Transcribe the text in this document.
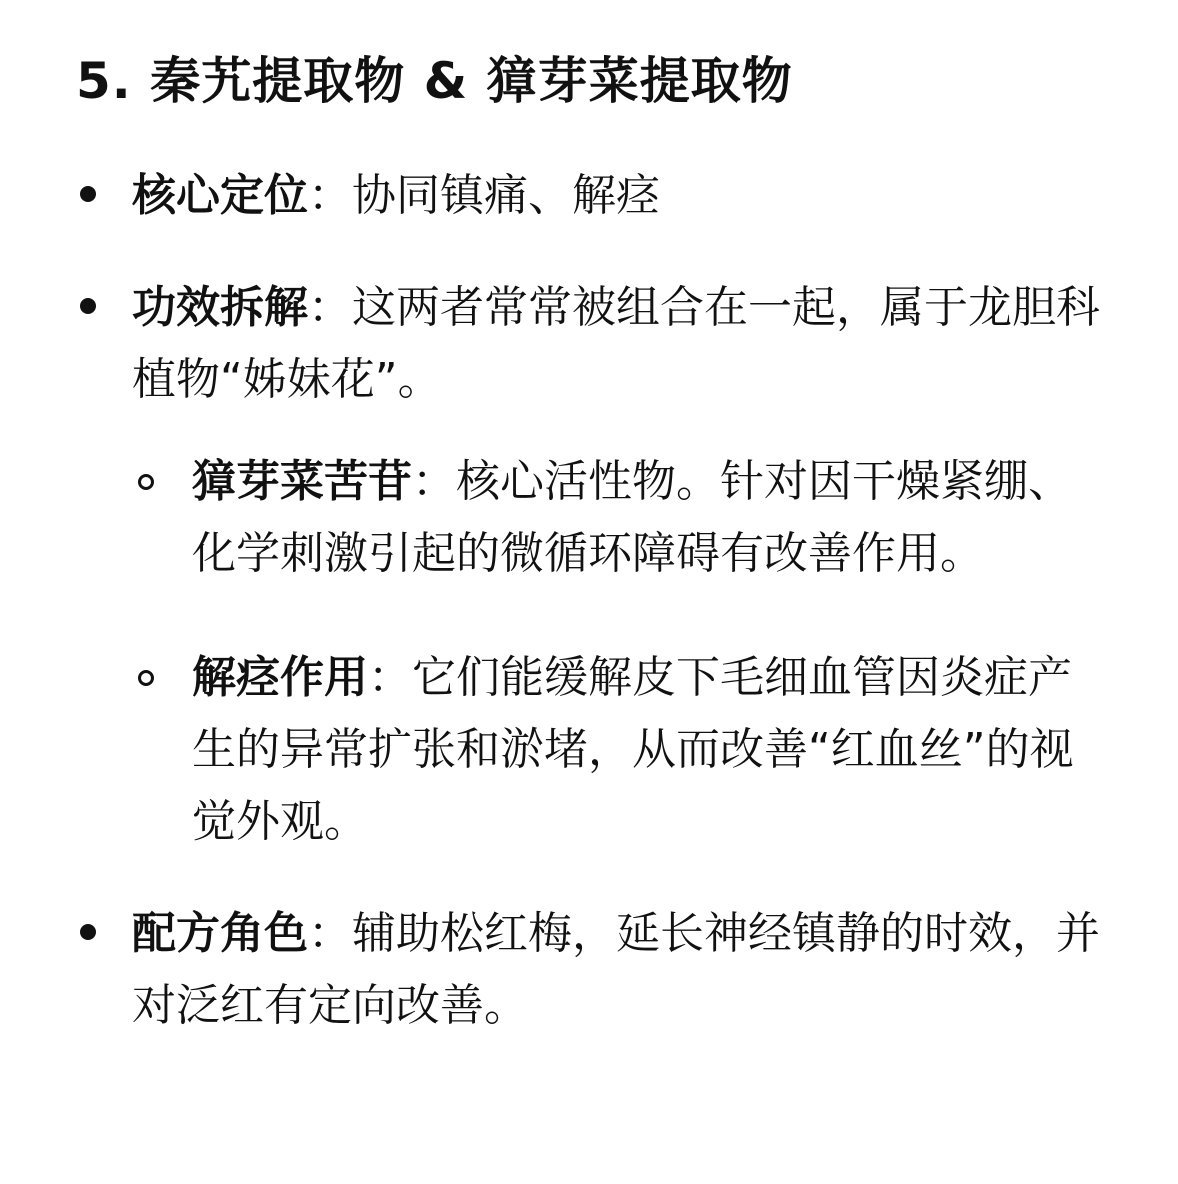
5. 秦艽提取物 & 獐芽菜提取物
核心定位：协同镇痛、解痉
功效拆解：这两者常常被组合在一起，属于龙胆科植物“姊妹花”。
獐芽菜苦苷：核心活性物。针对因干燥紧绷、化学刺激引起的微循环障碍有改善作用。
解痉作用：它们能缓解皮下毛细血管因炎症产生的异常扩张和淤堵，从而改善“红血丝”的视觉外观。
配方角色：辅助松红梅，延长神经镇静的时效，并对泛红有定向改善。
